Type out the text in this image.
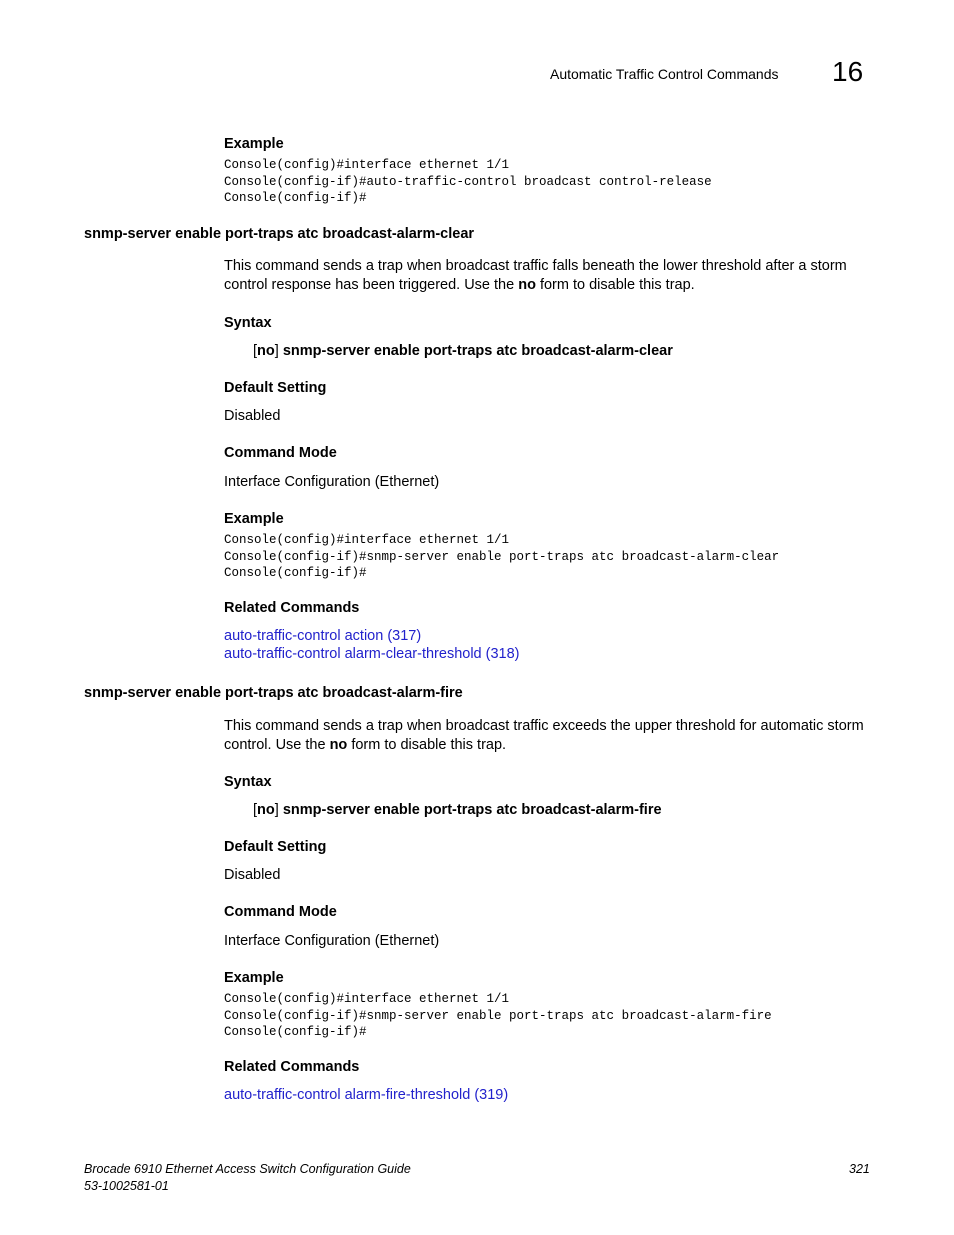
Automatic Traffic Control Commands 16
Example
Console(config)#interface ethernet 1/1
Console(config-if)#auto-traffic-control broadcast control-release
Console(config-if)#
snmp-server enable port-traps atc broadcast-alarm-clear
This command sends a trap when broadcast traffic falls beneath the lower threshold after a storm control response has been triggered. Use the no form to disable this trap.
Syntax
[no] snmp-server enable port-traps atc broadcast-alarm-clear
Default Setting
Disabled
Command Mode
Interface Configuration (Ethernet)
Example
Console(config)#interface ethernet 1/1
Console(config-if)#snmp-server enable port-traps atc broadcast-alarm-clear
Console(config-if)#
Related Commands
auto-traffic-control action (317)
auto-traffic-control alarm-clear-threshold (318)
snmp-server enable port-traps atc broadcast-alarm-fire
This command sends a trap when broadcast traffic exceeds the upper threshold for automatic storm control. Use the no form to disable this trap.
Syntax
[no] snmp-server enable port-traps atc broadcast-alarm-fire
Default Setting
Disabled
Command Mode
Interface Configuration (Ethernet)
Example
Console(config)#interface ethernet 1/1
Console(config-if)#snmp-server enable port-traps atc broadcast-alarm-fire
Console(config-if)#
Related Commands
auto-traffic-control alarm-fire-threshold (319)
Brocade 6910 Ethernet Access Switch Configuration Guide
53-1002581-01
321
